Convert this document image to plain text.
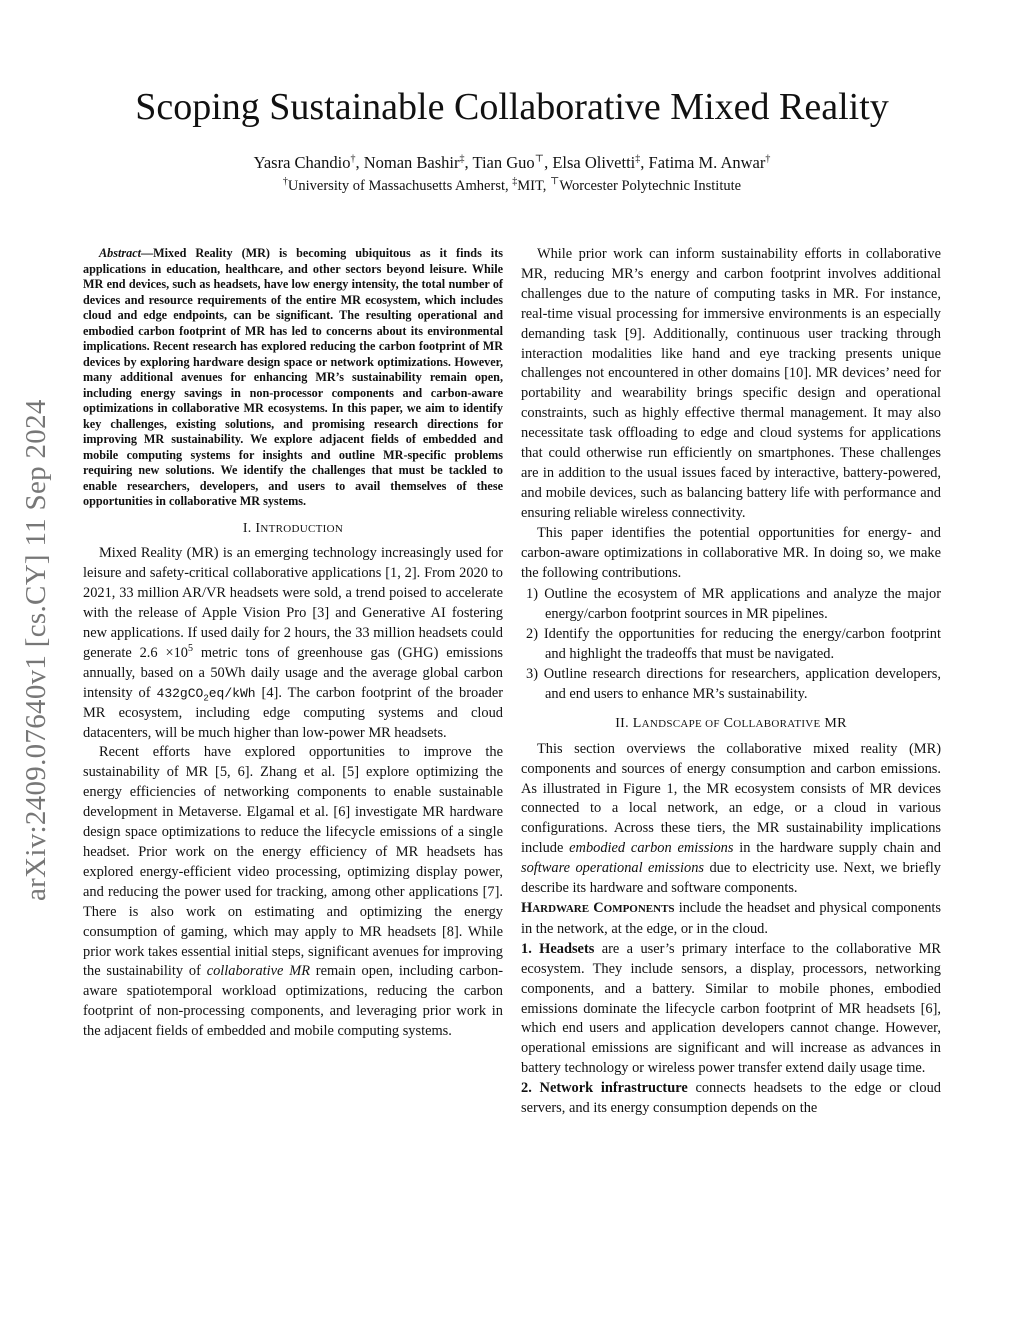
arXiv:2409.07640v1 [cs.CY] 11 Sep 2024
Scoping Sustainable Collaborative Mixed Reality
Yasra Chandio†, Noman Bashir‡, Tian Guo⊤, Elsa Olivetti‡, Fatima M. Anwar†
†University of Massachusetts Amherst, ‡MIT, ⊤Worcester Polytechnic Institute

Abstract—Mixed Reality (MR) is becoming ubiquitous as it finds its applications in education, healthcare, and other sectors beyond leisure. While MR end devices, such as headsets, have low energy intensity, the total number of devices and resource requirements of the entire MR ecosystem, which includes cloud and edge endpoints, can be significant. The resulting operational and embodied carbon footprint of MR has led to concerns about its environmental implications. Recent research has explored reducing the carbon footprint of MR devices by exploring hardware design space or network optimizations. However, many additional avenues for enhancing MR’s sustainability remain open, including energy savings in non-processor components and carbon-aware optimizations in collaborative MR ecosystems. In this paper, we aim to identify key challenges, existing solutions, and promising research directions for improving MR sustainability. We explore adjacent fields of embedded and mobile computing systems for insights and outline MR-specific problems requiring new solutions. We identify the challenges that must be tackled to enable researchers, developers, and users to avail themselves of these opportunities in collaborative MR systems.

I. INTRODUCTION

Mixed Reality (MR) is an emerging technology increasingly used for leisure and safety-critical collaborative applications [1, 2]. From 2020 to 2021, 33 million AR/VR headsets were sold, a trend poised to accelerate with the release of Apple Vision Pro [3] and Generative AI fostering new applications. If used daily for 2 hours, the 33 million headsets could generate $2.6 \times 10^5$ metric tons of greenhouse gas (GHG) emissions annually, based on a 50Wh daily usage and the average global carbon intensity of 432gCO$_2$eq/kWh [4]. The carbon footprint of the broader MR ecosystem, including edge computing systems and cloud datacenters, will be much higher than low-power MR headsets.

Recent efforts have explored opportunities to improve the sustainability of MR [5, 6]. Zhang et al. [5] explore optimizing the energy efficiencies of networking components to enable sustainable development in Metaverse. Elgamal et al. [6] investigate MR hardware design space optimizations to reduce the lifecycle emissions of a single headset. Prior work on the energy efficiency of MR headsets has explored energy-efficient video processing, optimizing display power, and reducing the power used for tracking, among other applications [7]. There is also work on estimating and optimizing the energy consumption of gaming, which may apply to MR headsets [8]. While prior work takes essential initial steps, significant avenues for improving the sustainability of collaborative MR remain open, including carbon-aware spatiotemporal workload optimizations, reducing the carbon footprint of non-processing components, and leveraging prior work in the adjacent fields of embedded and mobile computing systems.

While prior work can inform sustainability efforts in collaborative MR, reducing MR’s energy and carbon footprint involves additional challenges due to the nature of computing tasks in MR. For instance, real-time visual processing for immersive environments is an especially demanding task [9]. Additionally, continuous user tracking through interaction modalities like hand and eye tracking presents unique challenges not encountered in other domains [10]. MR devices’ need for portability and wearability brings specific design and operational constraints, such as highly effective thermal management. It may also necessitate task offloading to edge and cloud systems for applications that could otherwise run efficiently on smartphones. These challenges are in addition to the usual issues faced by interactive, battery-powered, and mobile devices, such as balancing battery life with performance and ensuring reliable wireless connectivity.

This paper identifies the potential opportunities for energy- and carbon-aware optimizations in collaborative MR. In doing so, we make the following contributions.

1) Outline the ecosystem of MR applications and analyze the major energy/carbon footprint sources in MR pipelines.
2) Identify the opportunities for reducing the energy/carbon footprint and highlight the tradeoffs that must be navigated.
3) Outline research directions for researchers, application developers, and end users to enhance MR’s sustainability.
II. LANDSCAPE OF COLLABORATIVE MR

This section overviews the collaborative mixed reality (MR) components and sources of energy consumption and carbon emissions. As illustrated in Figure 1, the MR ecosystem consists of MR devices connected to a local network, an edge, or a cloud in various configurations. Across these tiers, the MR sustainability implications include embodied carbon emissions in the hardware supply chain and software operational emissions due to electricity use. Next, we briefly describe its hardware and software components.

HARDWARE COMPONENTS include the headset and physical components in the network, at the edge, or in the cloud.

1. Headsets are a user’s primary interface to the collaborative MR ecosystem. They include sensors, a display, processors, networking components, and a battery. Similar to mobile phones, embodied emissions dominate the lifecycle carbon footprint of MR headsets [6], which end users and application developers cannot change. However, operational emissions are significant and will increase as advances in battery technology or wireless power transfer extend daily usage time.

2. Network infrastructure connects headsets to the edge or cloud servers, and its energy consumption depends on the
